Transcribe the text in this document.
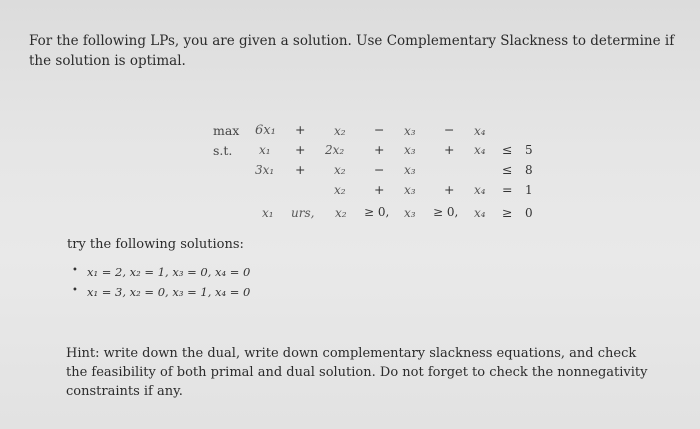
For the following LPs, you are given a solution. Use Complementary Slackness to determine if the solution is optimal.
max
s.t.
6x₁ + x₂ − x₃ − x₄
x₁ + 2x₂ + x₃ + x₄ ≤ 5
3x₁ + x₂ − x₃	≤ 8
x₂ + x₃ + x₄ = 1
x₁ urs, x₂ ≥ 0, x₃ ≥ 0, x₄ ≥ 0
try the following solutions:
• x₁ = 2, x₂ = 1, x₃ = 0, x₄ = 0
• x₁ = 3, x₂ = 0, x₃ = 1, x₄ = 0
Hint: write down the dual, write down complementary slackness equations, and check the feasibility of both primal and dual solution. Do not forget to check the nonnegativity constraints if any.
